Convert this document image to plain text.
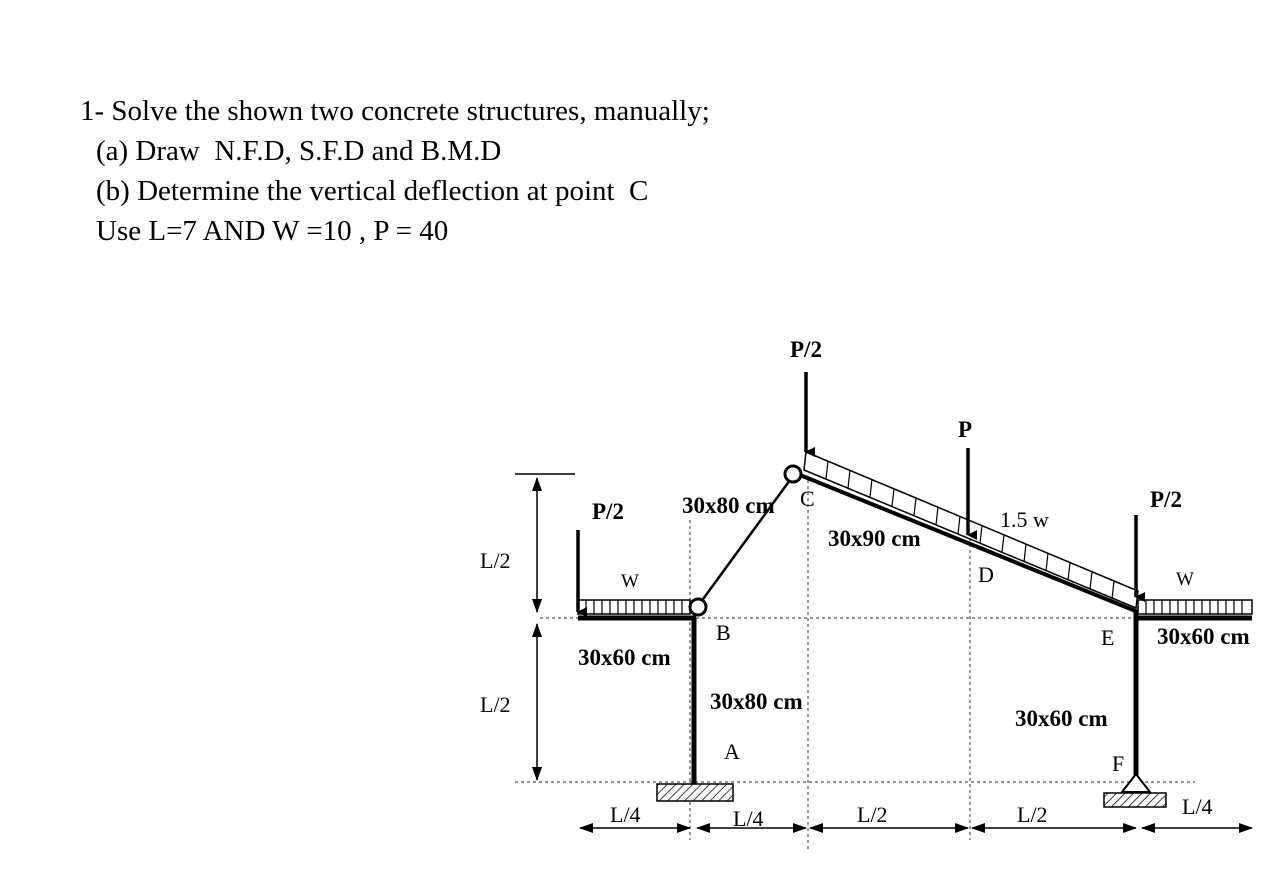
1- Solve the shown two concrete structures, manually;
(a) Draw  N.F.D, S.F.D and B.M.D
(b) Determine the vertical deflection at point  C
Use L=7 AND W =10 , P = 40
L/2
L/2
P/2
P
P/2	P/2
W	W
1.5 w
A
B
C
D
E
F
30x60 cm
30x80 cm
30x80 cm
30x90 cm
30x60 cm
30x60 cm
L/4	L/4	L/2	L/2	L/4
